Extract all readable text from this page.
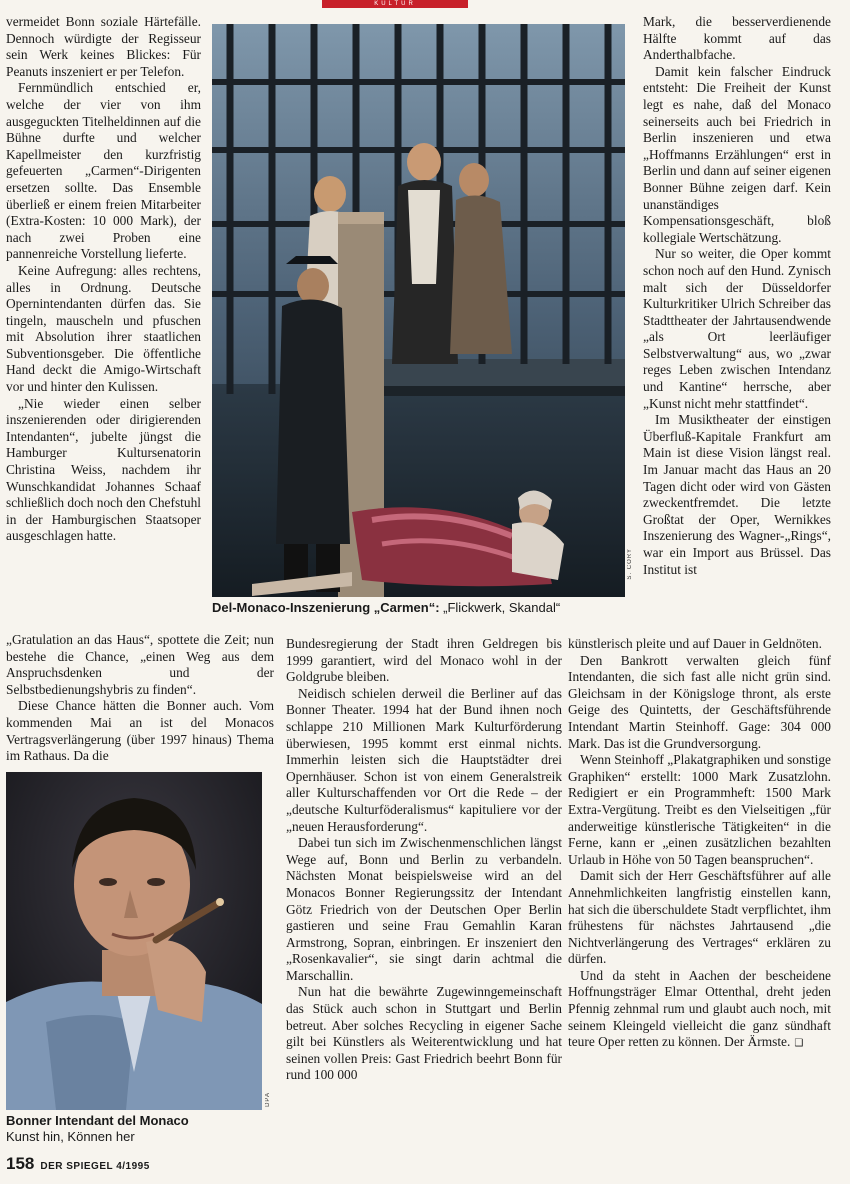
KULTUR

vermeidet Bonn soziale Härtefälle. Dennoch würdigte der Regisseur sein Werk keines Blickes: Für Peanuts inszeniert er per Telefon.

Fernmündlich entschied er, welche der vier von ihm ausgeguckten Titelheldinnen auf die Bühne durfte und welcher Kapellmeister den kurzfristig gefeuerten „Carmen“-Dirigenten ersetzen sollte. Das Ensemble überließ er einem freien Mitarbeiter (Extra-Kosten: 10 000 Mark), der nach zwei Proben eine pannenreiche Vorstellung lieferte.

Keine Aufregung: alles rechtens, alles in Ordnung. Deutsche Opernintendanten dürfen das. Sie tingeln, mauscheln und pfuschen mit Absolution ihrer staatlichen Subventionsgeber. Die öffentliche Hand deckt die Amigo-Wirtschaft vor und hinter den Kulissen.

„Nie wieder einen selber inszenierenden oder dirigierenden Intendanten“, jubelte jüngst die Hamburger Kultursenatorin Christina Weiss, nachdem ihr Wunschkandidat Johannes Schaaf schließlich doch noch den Chefstuhl in der Hamburgischen Staatsoper ausgeschlagen hatte.

„Gratulation an das Haus“, spottete die Zeit; nun bestehe die Chance, „einen Weg aus dem Anspruchsdenken und der Selbstbedienungshybris zu finden“.

Diese Chance hätten die Bonner auch. Vom kommenden Mai an ist del Monacos Vertragsverlängerung (über 1997 hinaus) Thema im Rathaus. Da die

Bundesregierung der Stadt ihren Geldregen bis 1999 garantiert, wird del Monaco wohl in der Goldgrube bleiben.

Neidisch schielen derweil die Berliner auf das Bonner Theater. 1994 hat der Bund ihnen noch schlappe 210 Millionen Mark Kulturförderung überwiesen, 1995 kommt erst einmal nichts. Immerhin leisten sich die Hauptstädter drei Opernhäuser. Schon ist von einem Generalstreik aller Kulturschaffenden vor Ort die Rede – der „deutsche Kulturföderalismus“ kapituliere vor der „neuen Herausforderung“.

Dabei tun sich im Zwischenmenschlichen längst Wege auf, Bonn und Berlin zu verbandeln. Nächsten Monat beispielsweise wird an del Monacos Bonner Regierungssitz der Intendant Götz Friedrich von der Deutschen Oper Berlin gastieren und seine Frau Gemahlin Karan Armstrong, Sopran, einbringen. Er inszeniert den „Rosenkavalier“, sie singt darin achtmal die Marschallin.

Nun hat die bewährte Zugewinngemeinschaft das Stück auch schon in Stuttgart und Berlin betreut. Aber solches Recycling in eigener Sache gilt bei Künstlers als Weiterentwicklung und hat seinen vollen Preis: Gast Friedrich beehrt Bonn für rund 100 000

Mark, die besserverdienende Hälfte kommt auf das Anderthalbfache.

Damit kein falscher Eindruck entsteht: Die Freiheit der Kunst legt es nahe, daß del Monaco seinerseits auch bei Friedrich in Berlin inszenieren und etwa „Hoffmanns Erzählungen“ erst in Berlin und dann auf seiner eigenen Bonner Bühne zeigen darf. Kein unanständiges Kompensationsgeschäft, bloß kollegiale Wertschätzung.

Nur so weiter, die Oper kommt schon noch auf den Hund. Zynisch malt sich der Düsseldorfer Kulturkritiker Ulrich Schreiber das Stadttheater der Jahrtausendwende „als Ort leerläufiger Selbstverwaltung“ aus, wo „zwar reges Leben zwischen Intendanz und Kantine“ herrsche, aber „Kunst nicht mehr stattfindet“.

Im Musiktheater der einstigen Überfluß-Kapitale Frankfurt am Main ist diese Vision längst real. Im Januar macht das Haus an 20 Tagen dicht oder wird von Gästen zweckentfremdet. Die letzte Großtat der Oper, Wernikkes Inszenierung des Wagner-„Rings“, war ein Import aus Brüssel. Das Institut ist

künstlerisch pleite und auf Dauer in Geldnöten.

Den Bankrott verwalten gleich fünf Intendanten, die sich fast alle nicht grün sind. Gleichsam in der Königsloge thront, als erste Geige des Quintetts, der Geschäftsführende Intendant Martin Steinhoff. Gage: 304 000 Mark. Das ist die Grundversorgung.

Wenn Steinhoff „Plakatgraphiken und sonstige Graphiken“ erstellt: 1000 Mark Zusatzlohn. Redigiert er ein Programmheft: 1500 Mark Extra-Vergütung. Treibt es den Vielseitigen „für anderweitige künstlerische Tätigkeiten“ in die Ferne, kann er „einen zusätzlichen bezahlten Urlaub in Höhe von 50 Tagen beanspruchen“.

Damit sich der Herr Geschäftsführer auf alle Annehmlichkeiten langfristig einstellen kann, hat sich die überschuldete Stadt verpflichtet, ihm frühestens für nächstes Jahrtausend „die Nichtverlängerung des Vertrages“ erklären zu dürfen.

Und da steht in Aachen der bescheidene Hoffnungsträger Elmar Ottenthal, dreht jeden Pfennig zehnmal rum und glaubt auch noch, mit seinem Kleingeld vielleicht die ganz sündhaft teure Oper retten zu können. Der Ärmste. ❑

S. CORY
Del-Monaco-Inszenierung „Carmen“: „Flickwerk, Skandal“
DPA
Bonner Intendant del Monaco
Kunst hin, Können her
158 DER SPIEGEL 4/1995
